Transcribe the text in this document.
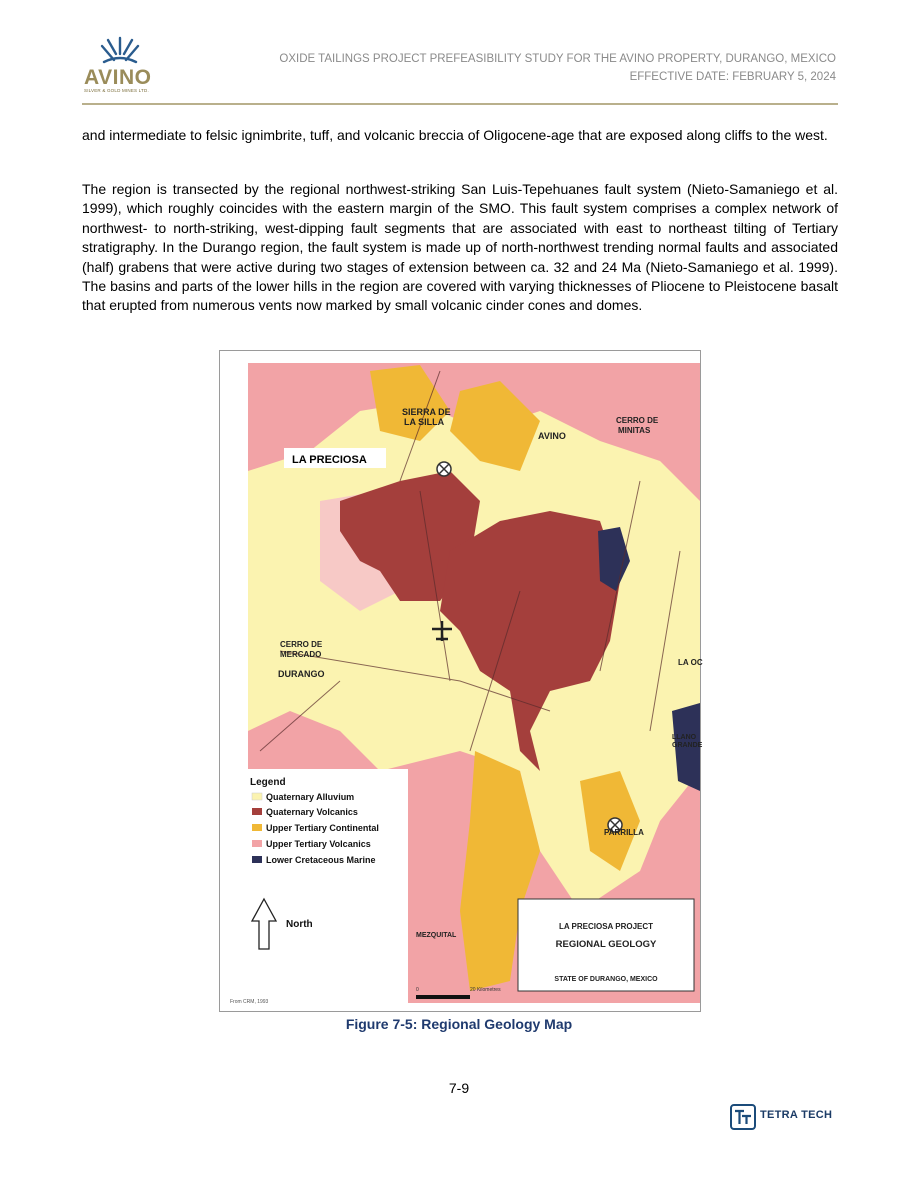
AVINO
SILVER & GOLD MINES LTD.
OXIDE TAILINGS PROJECT PREFEASIBILITY STUDY FOR THE AVINO PROPERTY, DURANGO, MEXICO
EFFECTIVE DATE: FEBRUARY 5, 2024

and intermediate to felsic ignimbrite, tuff, and volcanic breccia of Oligocene-age that are exposed along cliffs to the west.

The region is transected by the regional northwest-striking San Luis-Tepehuanes fault system (Nieto-Samaniego et al. 1999), which roughly coincides with the eastern margin of the SMO. This fault system comprises a complex network of northwest- to north-striking, west-dipping fault segments that are associated with east to northeast tilting of Tertiary stratigraphy. In the Durango region, the fault system is made up of north-northwest trending normal faults and associated (half) grabens that were active during two stages of extension between ca. 32 and 24 Ma (Nieto-Samaniego et al. 1999). The basins and parts of the lower hills in the region are covered with varying thicknesses of Pliocene to Pleistocene basalt that erupted from numerous vents now marked by small volcanic cinder cones and domes.

LA PRECIOSA
SIERRA DE
LA SILLA
AVINO
CERRO DE
MINITAS
CERRO DE
MERCADO
DURANGO
PARRILLA
LA OC
MEZQUITAL
LLANO
GRANDE
Legend
Quaternary Alluvium
Quaternary Volcanics
Upper Tertiary Continental
Upper Tertiary Volcanics
Lower Cretaceous Marine
North
From CRM, 1993
LA PRECIOSA PROJECT
REGIONAL GEOLOGY
STATE OF DURANGO, MEXICO
0	20 Kilometres
Figure 7-5: Regional Geology Map
7-9
TETRA TECH
